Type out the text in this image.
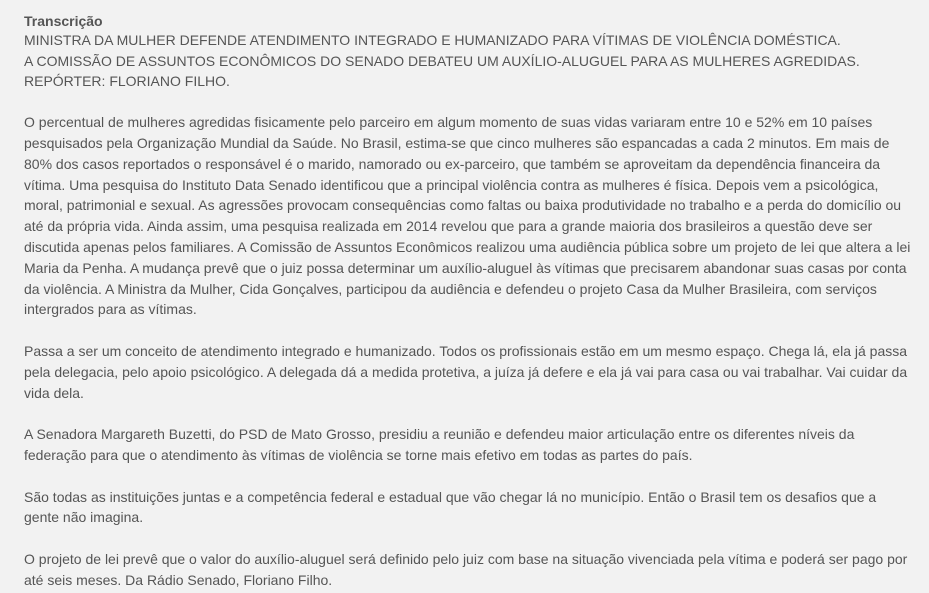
Transcrição
MINISTRA DA MULHER DEFENDE ATENDIMENTO INTEGRADO E HUMANIZADO PARA VÍTIMAS DE VIOLÊNCIA DOMÉSTICA.
A COMISSÃO DE ASSUNTOS ECONÔMICOS DO SENADO DEBATEU UM AUXÍLIO-ALUGUEL PARA AS MULHERES AGREDIDAS.
REPÓRTER: FLORIANO FILHO.

O percentual de mulheres agredidas fisicamente pelo parceiro em algum momento de suas vidas variaram entre 10 e 52% em 10 países pesquisados pela Organização Mundial da Saúde. No Brasil, estima-se que cinco mulheres são espancadas a cada 2 minutos. Em mais de 80% dos casos reportados o responsável é o marido, namorado ou ex-parceiro, que também se aproveitam da dependência financeira da vítima. Uma pesquisa do Instituto Data Senado identificou que a principal violência contra as mulheres é física. Depois vem a psicológica, moral, patrimonial e sexual. As agressões provocam consequências como faltas ou baixa produtividade no trabalho e a perda do domicílio ou até da própria vida. Ainda assim, uma pesquisa realizada em 2014 revelou que para a grande maioria dos brasileiros a questão deve ser discutida apenas pelos familiares. A Comissão de Assuntos Econômicos realizou uma audiência pública sobre um projeto de lei que altera a lei Maria da Penha. A mudança prevê que o juiz possa determinar um auxílio-aluguel às vítimas que precisarem abandonar suas casas por conta da violência. A Ministra da Mulher, Cida Gonçalves, participou da audiência e defendeu o projeto Casa da Mulher Brasileira, com serviços intergrados para as vítimas.

Passa a ser um conceito de atendimento integrado e humanizado. Todos os profissionais estão em um mesmo espaço. Chega lá, ela já passa pela delegacia, pelo apoio psicológico. A delegada dá a medida protetiva, a juíza já defere e ela já vai para casa ou vai trabalhar. Vai cuidar da vida dela.

A Senadora Margareth Buzetti, do PSD de Mato Grosso, presidiu a reunião e defendeu maior articulação entre os diferentes níveis da federação para que o atendimento às vítimas de violência se torne mais efetivo em todas as partes do país.

São todas as instituições juntas e a competência federal e estadual que vão chegar lá no município. Então o Brasil tem os desafios que a gente não imagina.

O projeto de lei prevê que o valor do auxílio-aluguel será definido pelo juiz com base na situação vivenciada pela vítima e poderá ser pago por até seis meses. Da Rádio Senado, Floriano Filho.
